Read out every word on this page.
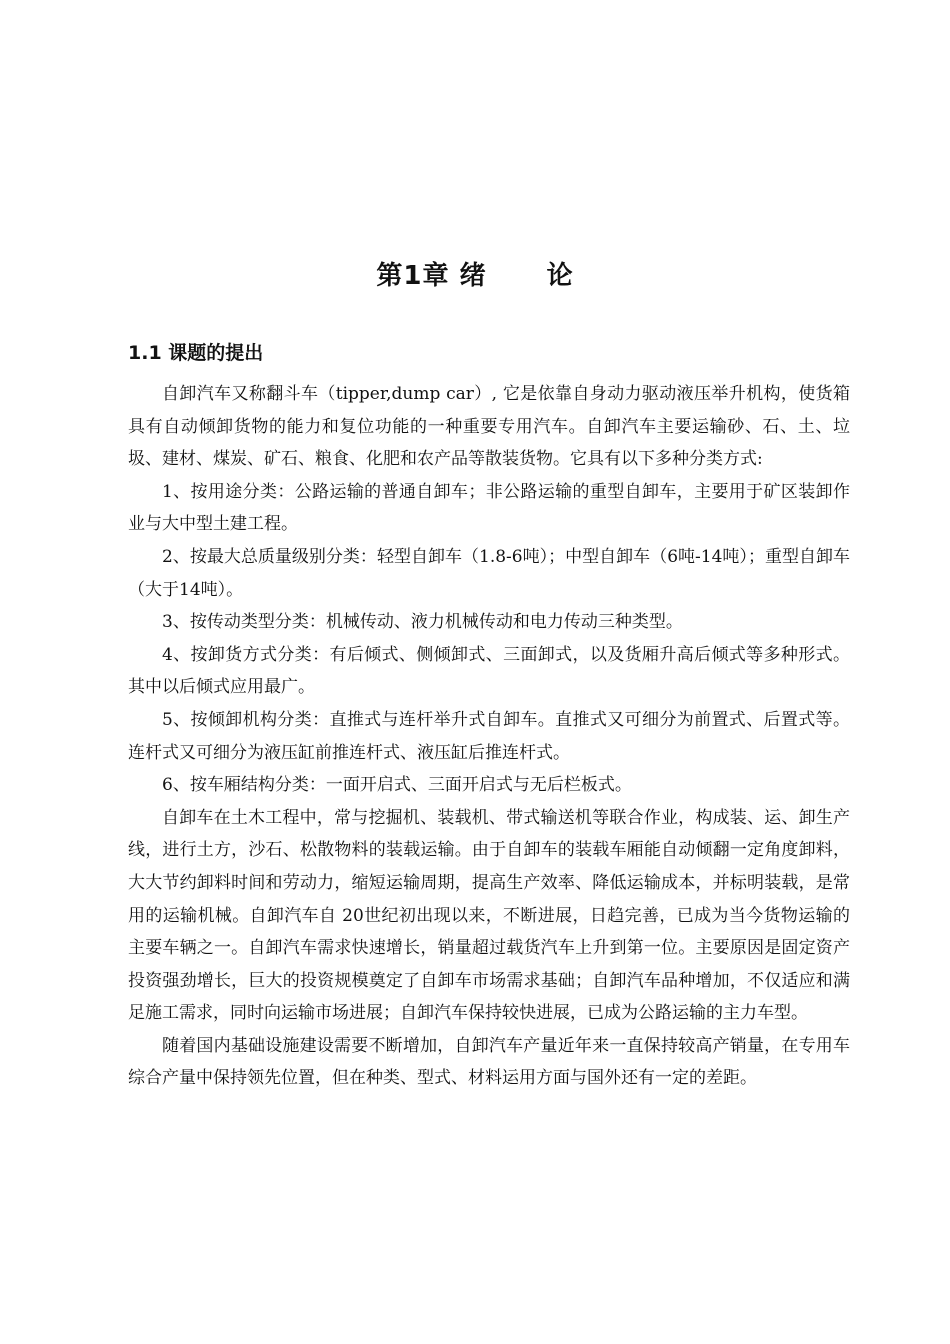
第1章 绪 论
1.1 课题的提出

自卸汽车又称翻斗车（tipper,dump car）, 它是依靠自身动力驱动液压举升机构，使货箱具有自动倾卸货物的能力和复位功能的一种重要专用汽车。自卸汽车主要运输砂、石、土、垃圾、建材、煤炭、矿石、粮食、化肥和农产品等散装货物。它具有以下多种分类方式:

1、按用途分类：公路运输的普通自卸车；非公路运输的重型自卸车，主要用于矿区装卸作业与大中型土建工程。

2、按最大总质量级别分类：轻型自卸车（1.8-6吨）；中型自卸车（6吨-14吨）；重型自卸车（大于14吨）。

3、按传动类型分类：机械传动、液力机械传动和电力传动三种类型。

4、按卸货方式分类：有后倾式、侧倾卸式、三面卸式，以及货厢升高后倾式等多种形式。其中以后倾式应用最广。

5、按倾卸机构分类：直推式与连杆举升式自卸车。直推式又可细分为前置式、后置式等。连杆式又可细分为液压缸前推连杆式、液压缸后推连杆式。

6、按车厢结构分类：一面开启式、三面开启式与无后栏板式。

自卸车在土木工程中，常与挖掘机、装载机、带式输送机等联合作业，构成装、运、卸生产线，进行土方，沙石、松散物料的装载运输。由于自卸车的装载车厢能自动倾翻一定角度卸料，大大节约卸料时间和劳动力，缩短运输周期，提高生产效率、降低运输成本，并标明装载，是常用的运输机械。自卸汽车自 20世纪初出现以来，不断进展，日趋完善，已成为当今货物运输的主要车辆之一。自卸汽车需求快速增长，销量超过载货汽车上升到第一位。主要原因是固定资产投资强劲增长，巨大的投资规模奠定了自卸车市场需求基础；自卸汽车品种增加，不仅适应和满足施工需求，同时向运输市场进展；自卸汽车保持较快进展，已成为公路运输的主力车型。

随着国内基础设施建设需要不断增加，自卸汽车产量近年来一直保持较高产销量，在专用车综合产量中保持领先位置，但在种类、型式、材料运用方面与国外还有一定的差距。
